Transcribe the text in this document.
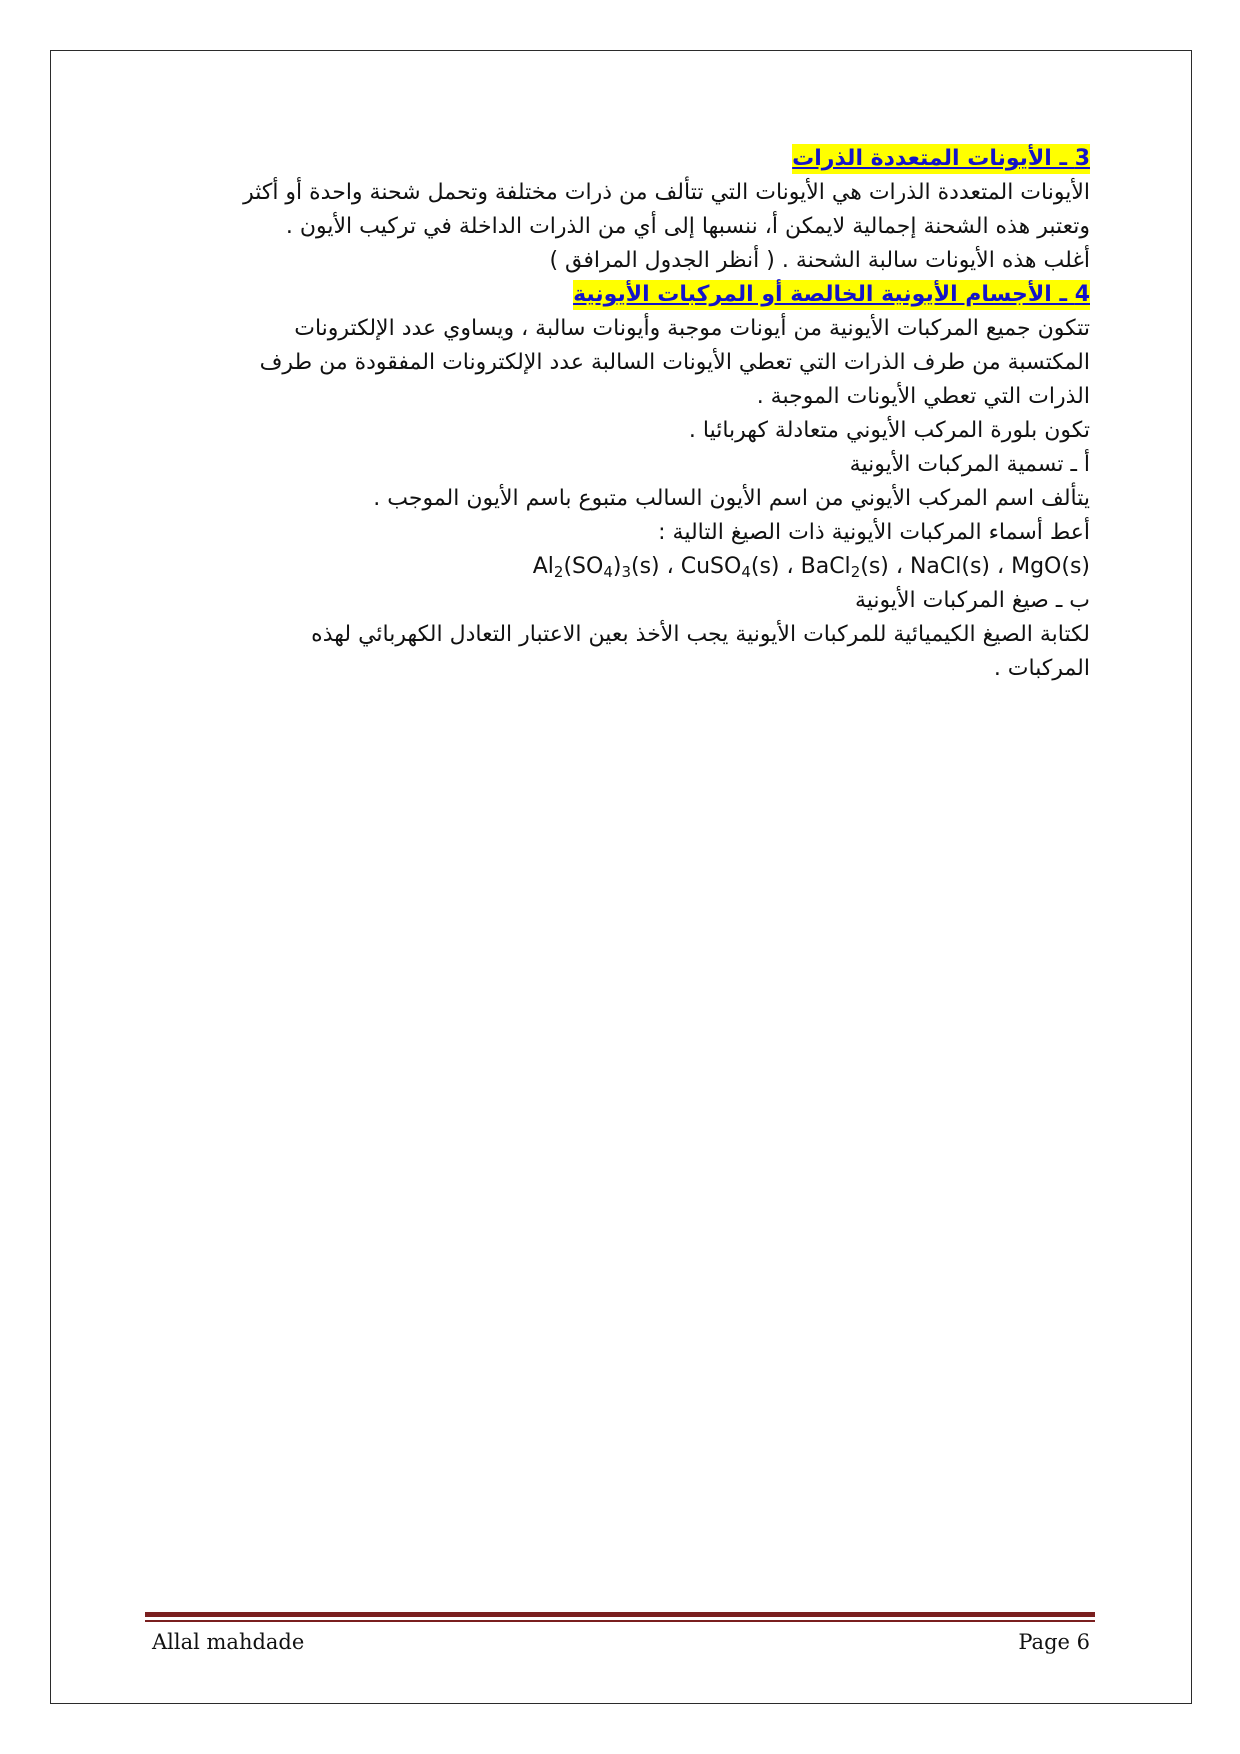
3 ـ الأيونات المتعددة الذرات

الأيونات المتعددة الذرات هي الأيونات التي تتألف من ذرات مختلفة وتحمل شحنة واحدة أو أكثر

وتعتبر هذه الشحنة إجمالية لايمكن أ، ننسبها إلى أي من الذرات الداخلة في تركيب الأيون .

أغلب هذه الأيونات سالبة الشحنة . ( أنظر الجدول المرافق )

4 ـ الأجسام الأيونية الخالصة أو المركبات الأيونية

تتكون جميع المركبات الأيونية من أيونات موجبة وأيونات سالبة ، ويساوي عدد الإلكترونات

المكتسبة من طرف الذرات التي تعطي الأيونات السالبة عدد الإلكترونات المفقودة من طرف

الذرات التي تعطي الأيونات الموجبة .

تكون بلورة المركب الأيوني متعادلة كهربائيا .

أ ـ تسمية المركبات الأيونية

يتألف اسم المركب الأيوني من اسم الأيون السالب متبوع باسم الأيون الموجب .

أعط أسماء المركبات الأيونية ذات الصيغ التالية :

MgO(s) ، NaCl(s) ، BaCl$_2$(s) ، CuSO$_4$(s) ، $Al_2(SO_4)_3(s)$

ب ـ صيغ المركبات الأيونية

لكتابة الصيغ الكيميائية للمركبات الأيونية يجب الأخذ بعين الاعتبار التعادل الكهربائي لهذه

المركبات .

Allal mahdade	Page 6
